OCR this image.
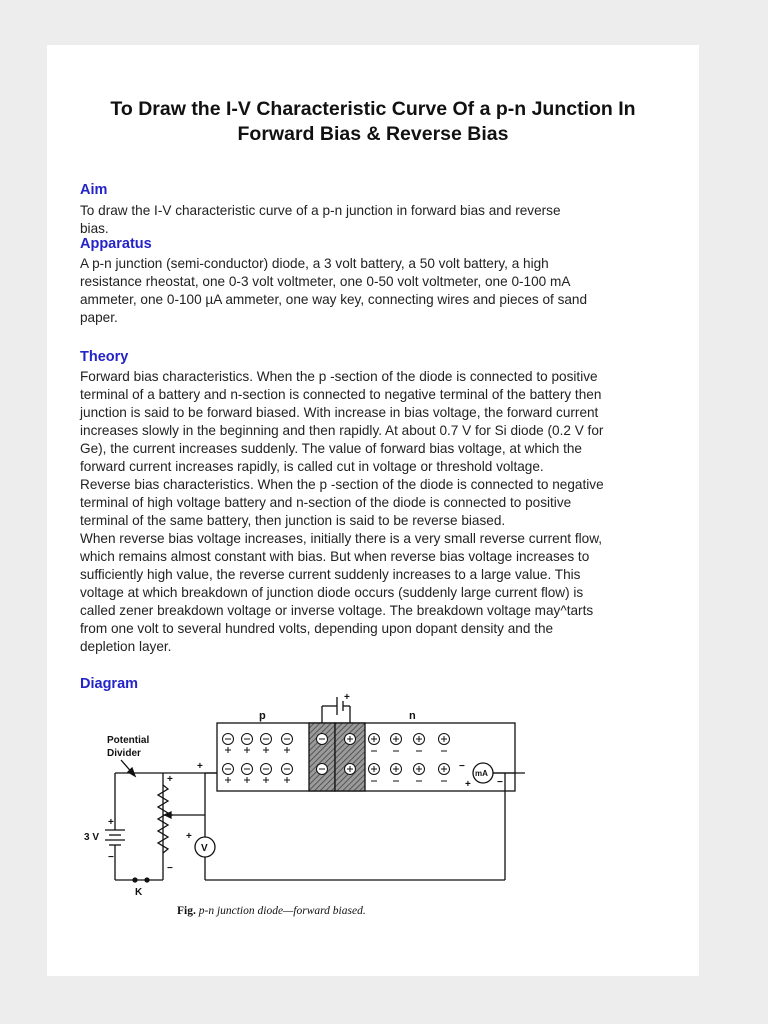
To Draw the I-V Characteristic Curve Of a p-n Junction In
Forward Bias & Reverse Bias
Aim
To draw the I-V characteristic curve of a p-n junction in forward bias and reverse
bias.
Apparatus
A p-n junction (semi-conductor) diode, a 3 volt battery, a 50 volt battery, a high
resistance rheostat, one 0-3 volt voltmeter, one 0-50 volt voltmeter, one 0-100 mA
ammeter, one 0-100 µA ammeter, one way key, connecting wires and pieces of sand
paper.
Theory
Forward bias characteristics. When the p -section of the diode is connected to positive
terminal of a battery and n-section is connected to negative terminal of the battery then
junction is said to be forward biased. With increase in bias voltage, the forward current
increases slowly in the beginning and then rapidly. At about 0.7 V for Si diode (0.2 V for
Ge), the current increases suddenly. The value of forward bias voltage, at which the
forward current increases rapidly, is called cut in voltage or threshold voltage.
Reverse bias characteristics. When the p -section of the diode is connected to negative
terminal of high voltage battery and n-section of the diode is connected to positive
terminal of the same battery, then junction is said to be reverse biased.
When reverse bias voltage increases, initially there is a very small reverse current flow,
which remains almost constant with bias. But when reverse bias voltage increases to
sufficiently high value, the reverse current suddenly increases to a large value. This
voltage at which breakdown of junction diode occurs (suddenly large current flow) is
called zener breakdown voltage or inverse voltage. The breakdown voltage may^tarts
from one volt to several hundred volts, depending upon dopant density and the
depletion layer.
Diagram
p	n
Potential
Divider
3 V
K
V
mA
+
+
+
+
+
+
−
−
−
−
Fig. p-n junction diode—forward biased.
